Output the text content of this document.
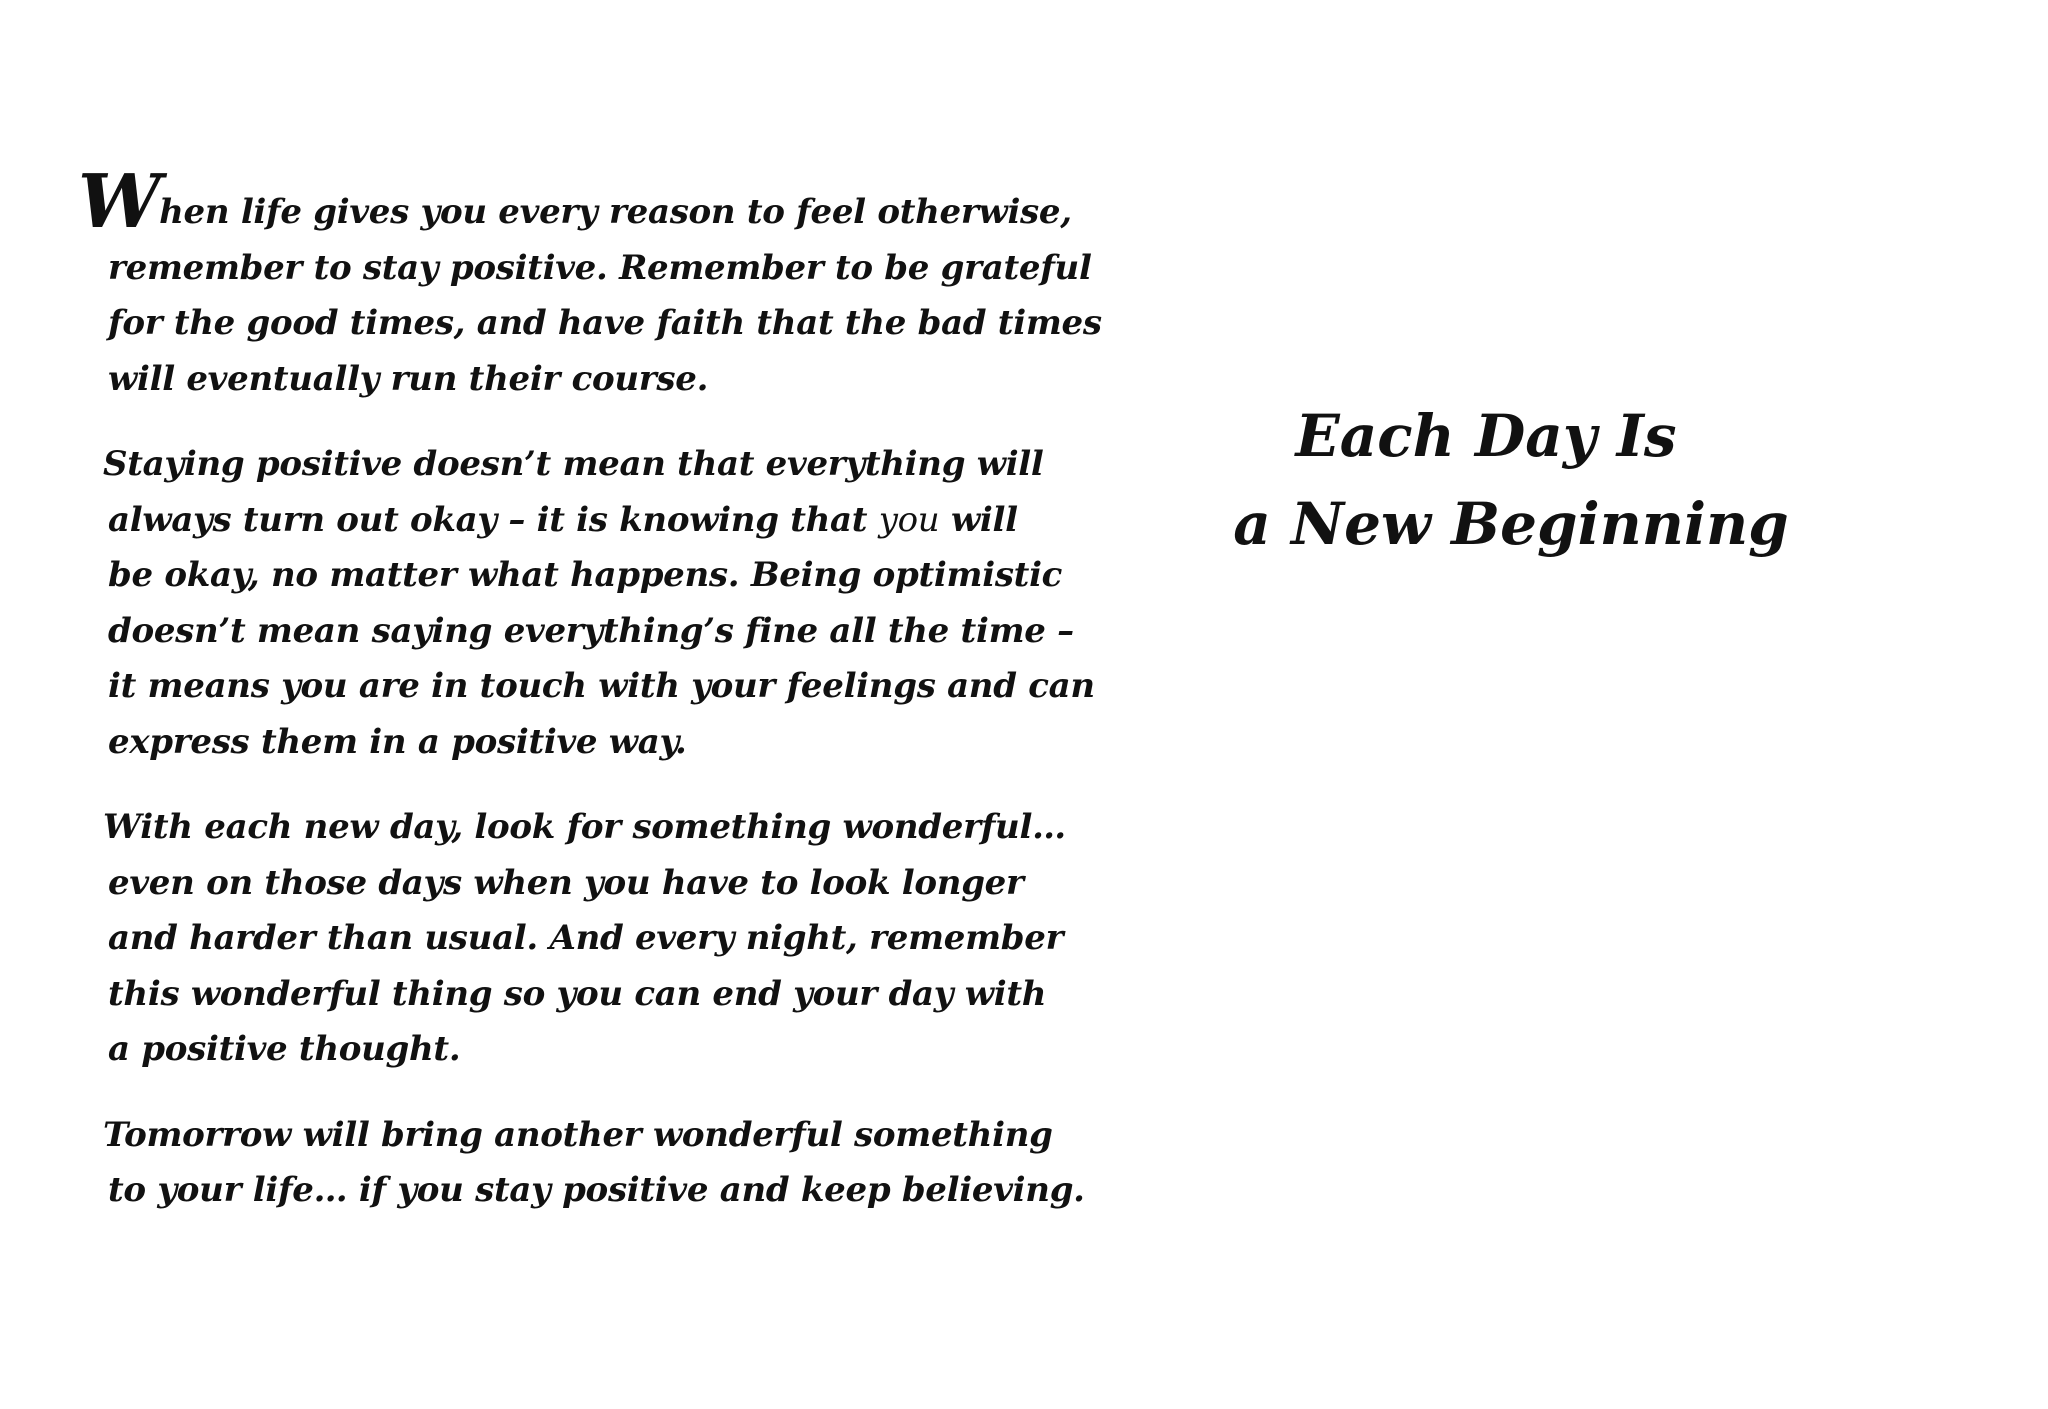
When life gives you every reason to feel otherwise,
remember to stay positive. Remember to be grateful
for the good times, and have faith that the bad times
will eventually run their course.

Staying positive doesn’t mean that everything will
always turn out okay – it is knowing that you will
be okay, no matter what happens. Being optimistic
doesn’t mean saying everything’s fine all the time –
it means you are in touch with your feelings and can
express them in a positive way.

With each new day, look for something wonderful…
even on those days when you have to look longer
and harder than usual. And every night, remember
this wonderful thing so you can end your day with
a positive thought.

Tomorrow will bring another wonderful something
to your life… if you stay positive and keep believing.

Each Day Is
a New Beginning
